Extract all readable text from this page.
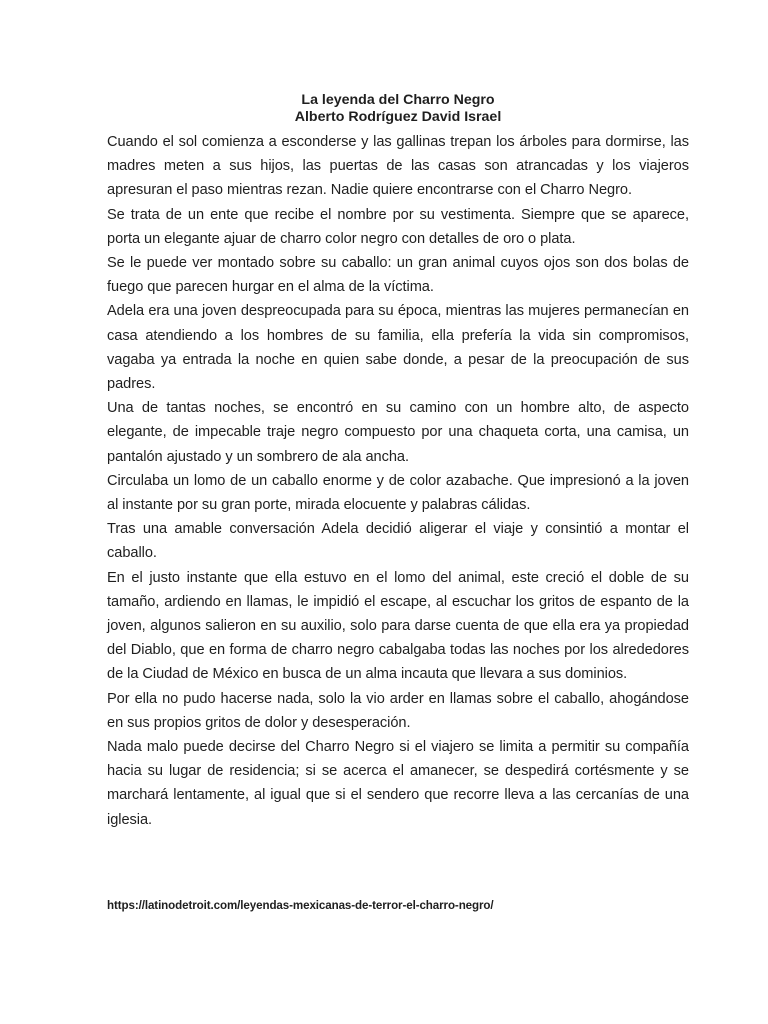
La leyenda del Charro Negro
Alberto Rodríguez David Israel

Cuando el sol comienza a esconderse y las gallinas trepan los árboles para dormirse, las madres meten a sus hijos, las puertas de las casas son atrancadas y los viajeros apresuran el paso mientras rezan. Nadie quiere encontrarse con el Charro Negro.

Se trata de un ente que recibe el nombre por su vestimenta. Siempre que se aparece, porta un elegante ajuar de charro color negro con detalles de oro o plata.

Se le puede ver montado sobre su caballo: un gran animal cuyos ojos son dos bolas de fuego que parecen hurgar en el alma de la víctima.

Adela era una joven despreocupada para su época, mientras las mujeres permanecían en casa atendiendo a los hombres de su familia, ella prefería la vida sin compromisos, vagaba ya entrada la noche en quien sabe donde, a pesar de la preocupación de sus padres.

Una de tantas noches, se encontró en su camino con un hombre alto, de aspecto elegante, de impecable traje negro compuesto por una chaqueta corta, una camisa, un pantalón ajustado y un sombrero de ala ancha.

Circulaba un lomo de un caballo enorme y de color azabache. Que impresionó a la joven al instante por su gran porte, mirada elocuente y palabras cálidas.

Tras una amable conversación Adela decidió aligerar el viaje y consintió a montar el caballo.

En el justo instante que ella estuvo en el lomo del animal, este creció el doble de su tamaño, ardiendo en llamas, le impidió el escape, al escuchar los gritos de espanto de la joven, algunos salieron en su auxilio, solo para darse cuenta de que ella era ya propiedad del Diablo, que en forma de charro negro cabalgaba todas las noches por los alrededores de la Ciudad de México en busca de un alma incauta que llevara a sus dominios.

Por ella no pudo hacerse nada, solo la vio arder en llamas sobre el caballo, ahogándose en sus propios gritos de dolor y desesperación.

Nada malo puede decirse del Charro Negro si el viajero se limita a permitir su compañía hacia su lugar de residencia; si se acerca el amanecer, se despedirá cortésmente y se marchará lentamente, al igual que si el sendero que recorre lleva a las cercanías de una iglesia.

https://latinodetroit.com/leyendas-mexicanas-de-terror-el-charro-negro/
